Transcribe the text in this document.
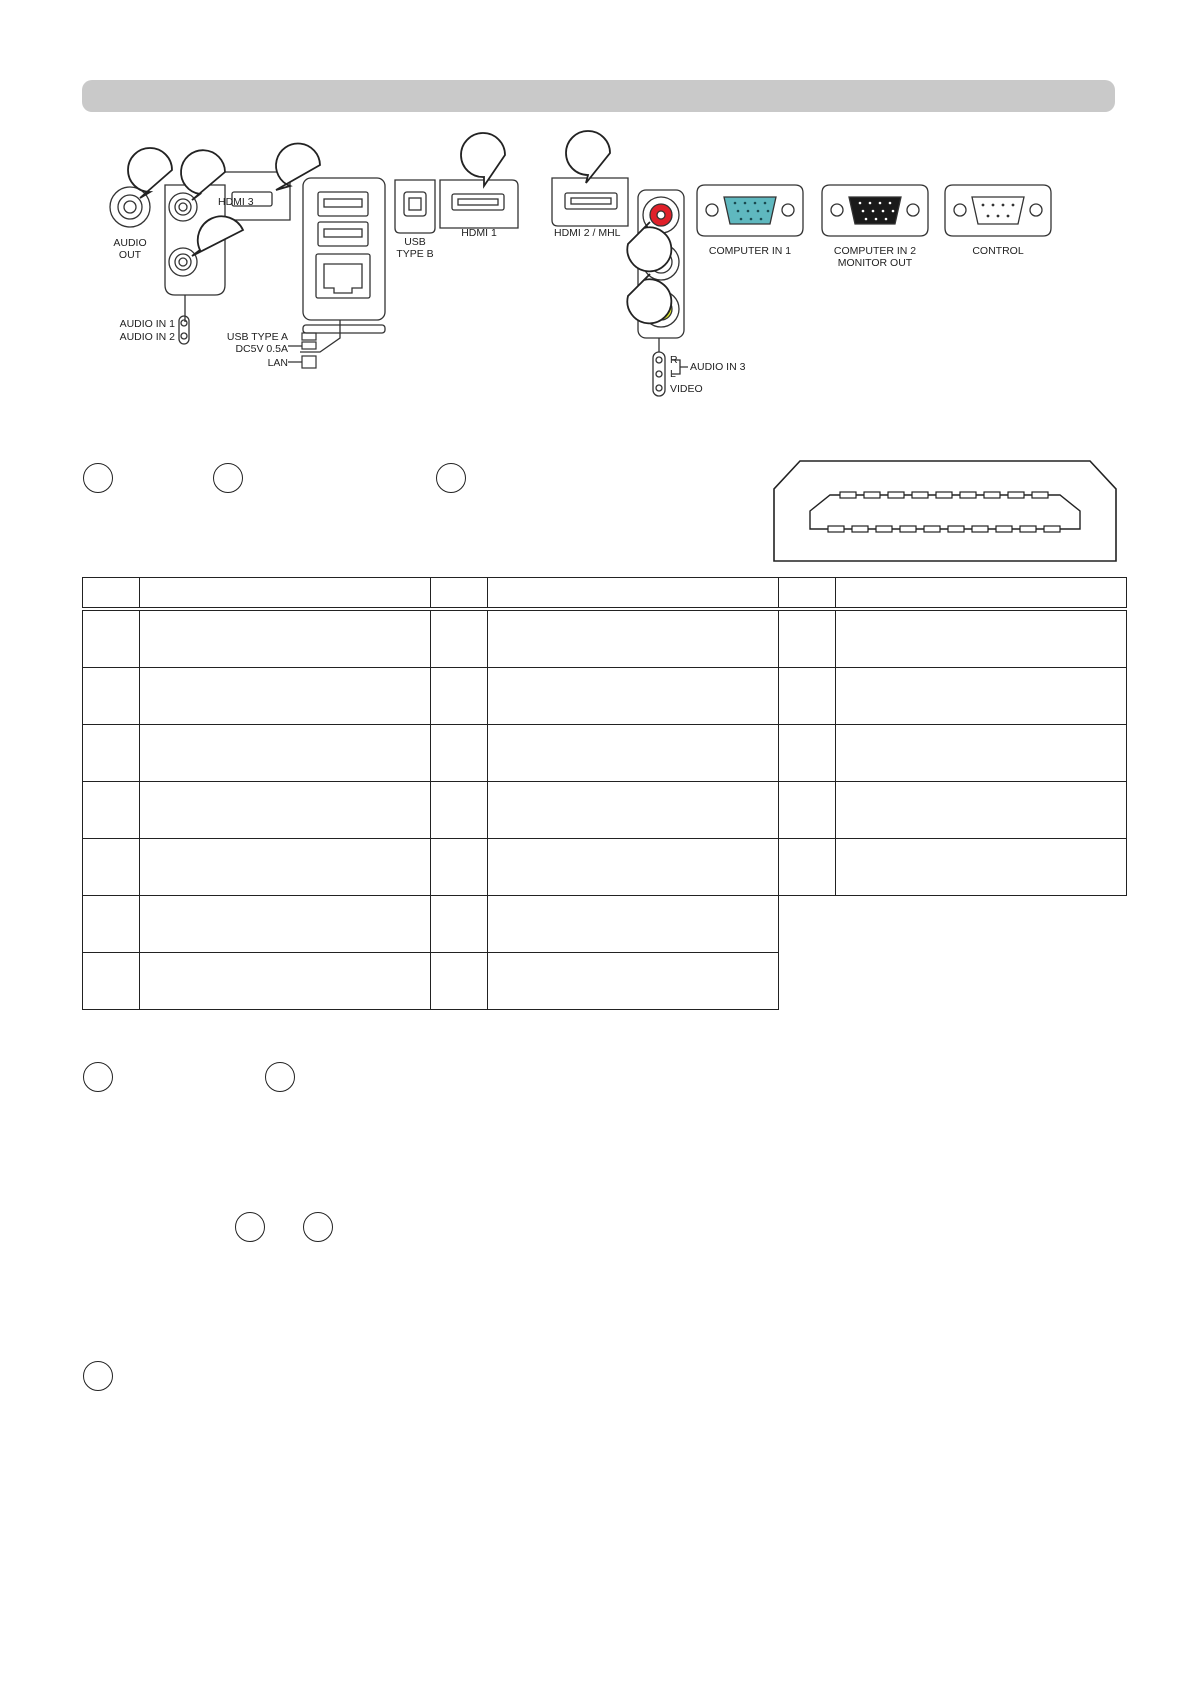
AUDIO
OUT
HDMI 3
AUDIO IN 1
AUDIO IN 2	USB TYPE A
DC5V 0.5A
LAN
USB
TYPE B
HDMI 1	HDMI 2 / MHL
COMPUTER IN 1	COMPUTER IN 2
MONITOR OUT
CONTROL
R
L
AUDIO IN 3
VIDEO
